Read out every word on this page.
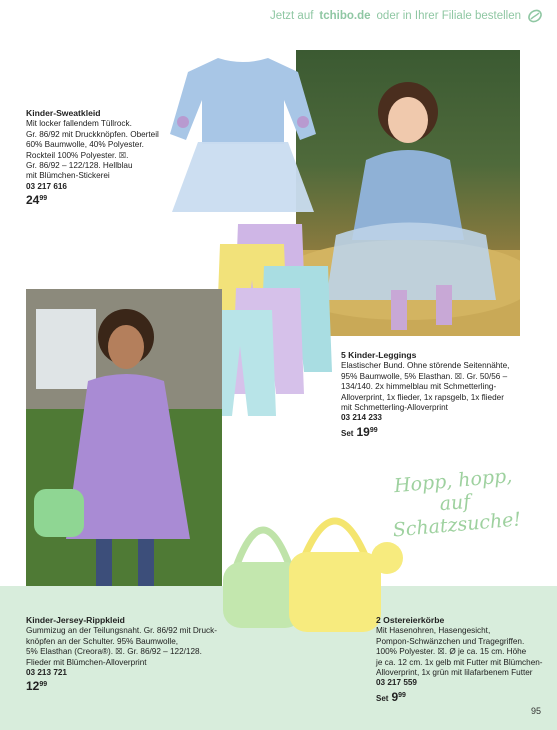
Jetzt auf tchibo.de oder in Ihrer Filiale bestellen
Hopp, hopp, auf
Schatzsuche!
Kinder-Sweatkleid
Mit locker fallendem Tüllrock.
Gr. 86/92 mit Druckknöpfen. Oberteil
60% Baumwolle, 40% Polyester.
Rockteil 100% Polyester. ☒.
Gr. 86/92 – 122/128. Hellblau
mit Blümchen-Stickerei
03 217 616
$24^{99}$
5 Kinder-Leggings
Elastischer Bund. Ohne störende Seitennähte,
95% Baumwolle, 5% Elasthan. ☒. Gr. 50/56 –
134/140. 2x himmelblau mit Schmetterling-
Alloverprint, 1x flieder, 1x rapsgelb, 1x flieder
mit Schmetterling-Alloverprint
03 214 233
Set $19^{99}$
Kinder-Jersey-Rippkleid
Gummizug an der Teilungsnaht. Gr. 86/92 mit Druck-
knöpfen an der Schulter. 95% Baumwolle,
5% Elasthan (Creora®). ☒. Gr. 86/92 – 122/128.
Flieder mit Blümchen-Alloverprint
03 213 721
$12^{99}$
2 Ostereierkörbe
Mit Hasenohren, Hasengesicht,
Pompon-Schwänzchen und Tragegriffen.
100% Polyester. ☒. Ø je ca. 15 cm. Höhe
je ca. 12 cm. 1x gelb mit Futter mit Blümchen-
Alloverprint, 1x grün mit lilafarbenem Futter
03 217 559
Set $9^{99}$
95
